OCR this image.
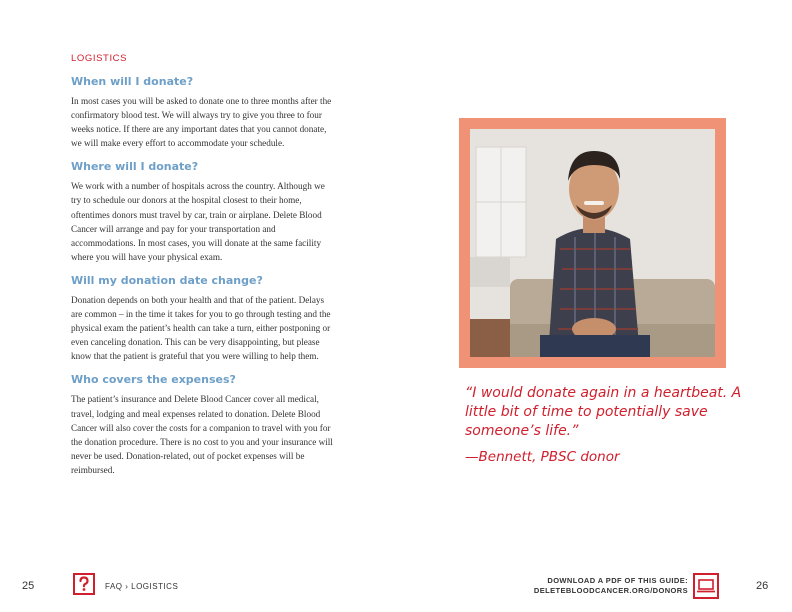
LOGISTICS
When will I donate?

In most cases you will be asked to donate one to three months after the confirmatory blood test. We will always try to give you three to four weeks notice. If there are any important dates that you cannot donate, we will make every effort to accommodate your schedule.

Where will I donate?

We work with a number of hospitals across the country. Although we try to schedule our donors at the hospital closest to their home, oftentimes donors must travel by car, train or airplane. Delete Blood Cancer will arrange and pay for your transportation and accommodations. In most cases, you will donate at the same facility where you will have your physical exam.

Will my donation date change?

Donation depends on both your health and that of the patient. Delays are common – in the time it takes for you to go through testing and the physical exam the patient’s health can take a turn, either postponing or even canceling donation. This can be very disappointing, but please know that the patient is grateful that you were willing to help them.

Who covers the expenses?

The patient’s insurance and Delete Blood Cancer cover all medical, travel, lodging and meal expenses related to donation. Delete Blood Cancer will also cover the costs for a companion to travel with you for the donation procedure. There is no cost to you and your insurance will never be used. Donation-related, out of pocket expenses will be reimbursed.

“I would donate again in a heartbeat. A little bit of time to potentially save someone’s life.”

—Bennett, PBSC donor

25	FAQ › LOGISTICS
DOWNLOAD A PDF OF THIS GUIDE:
DELETEBLOODCANCER.ORG/DONORS	26
